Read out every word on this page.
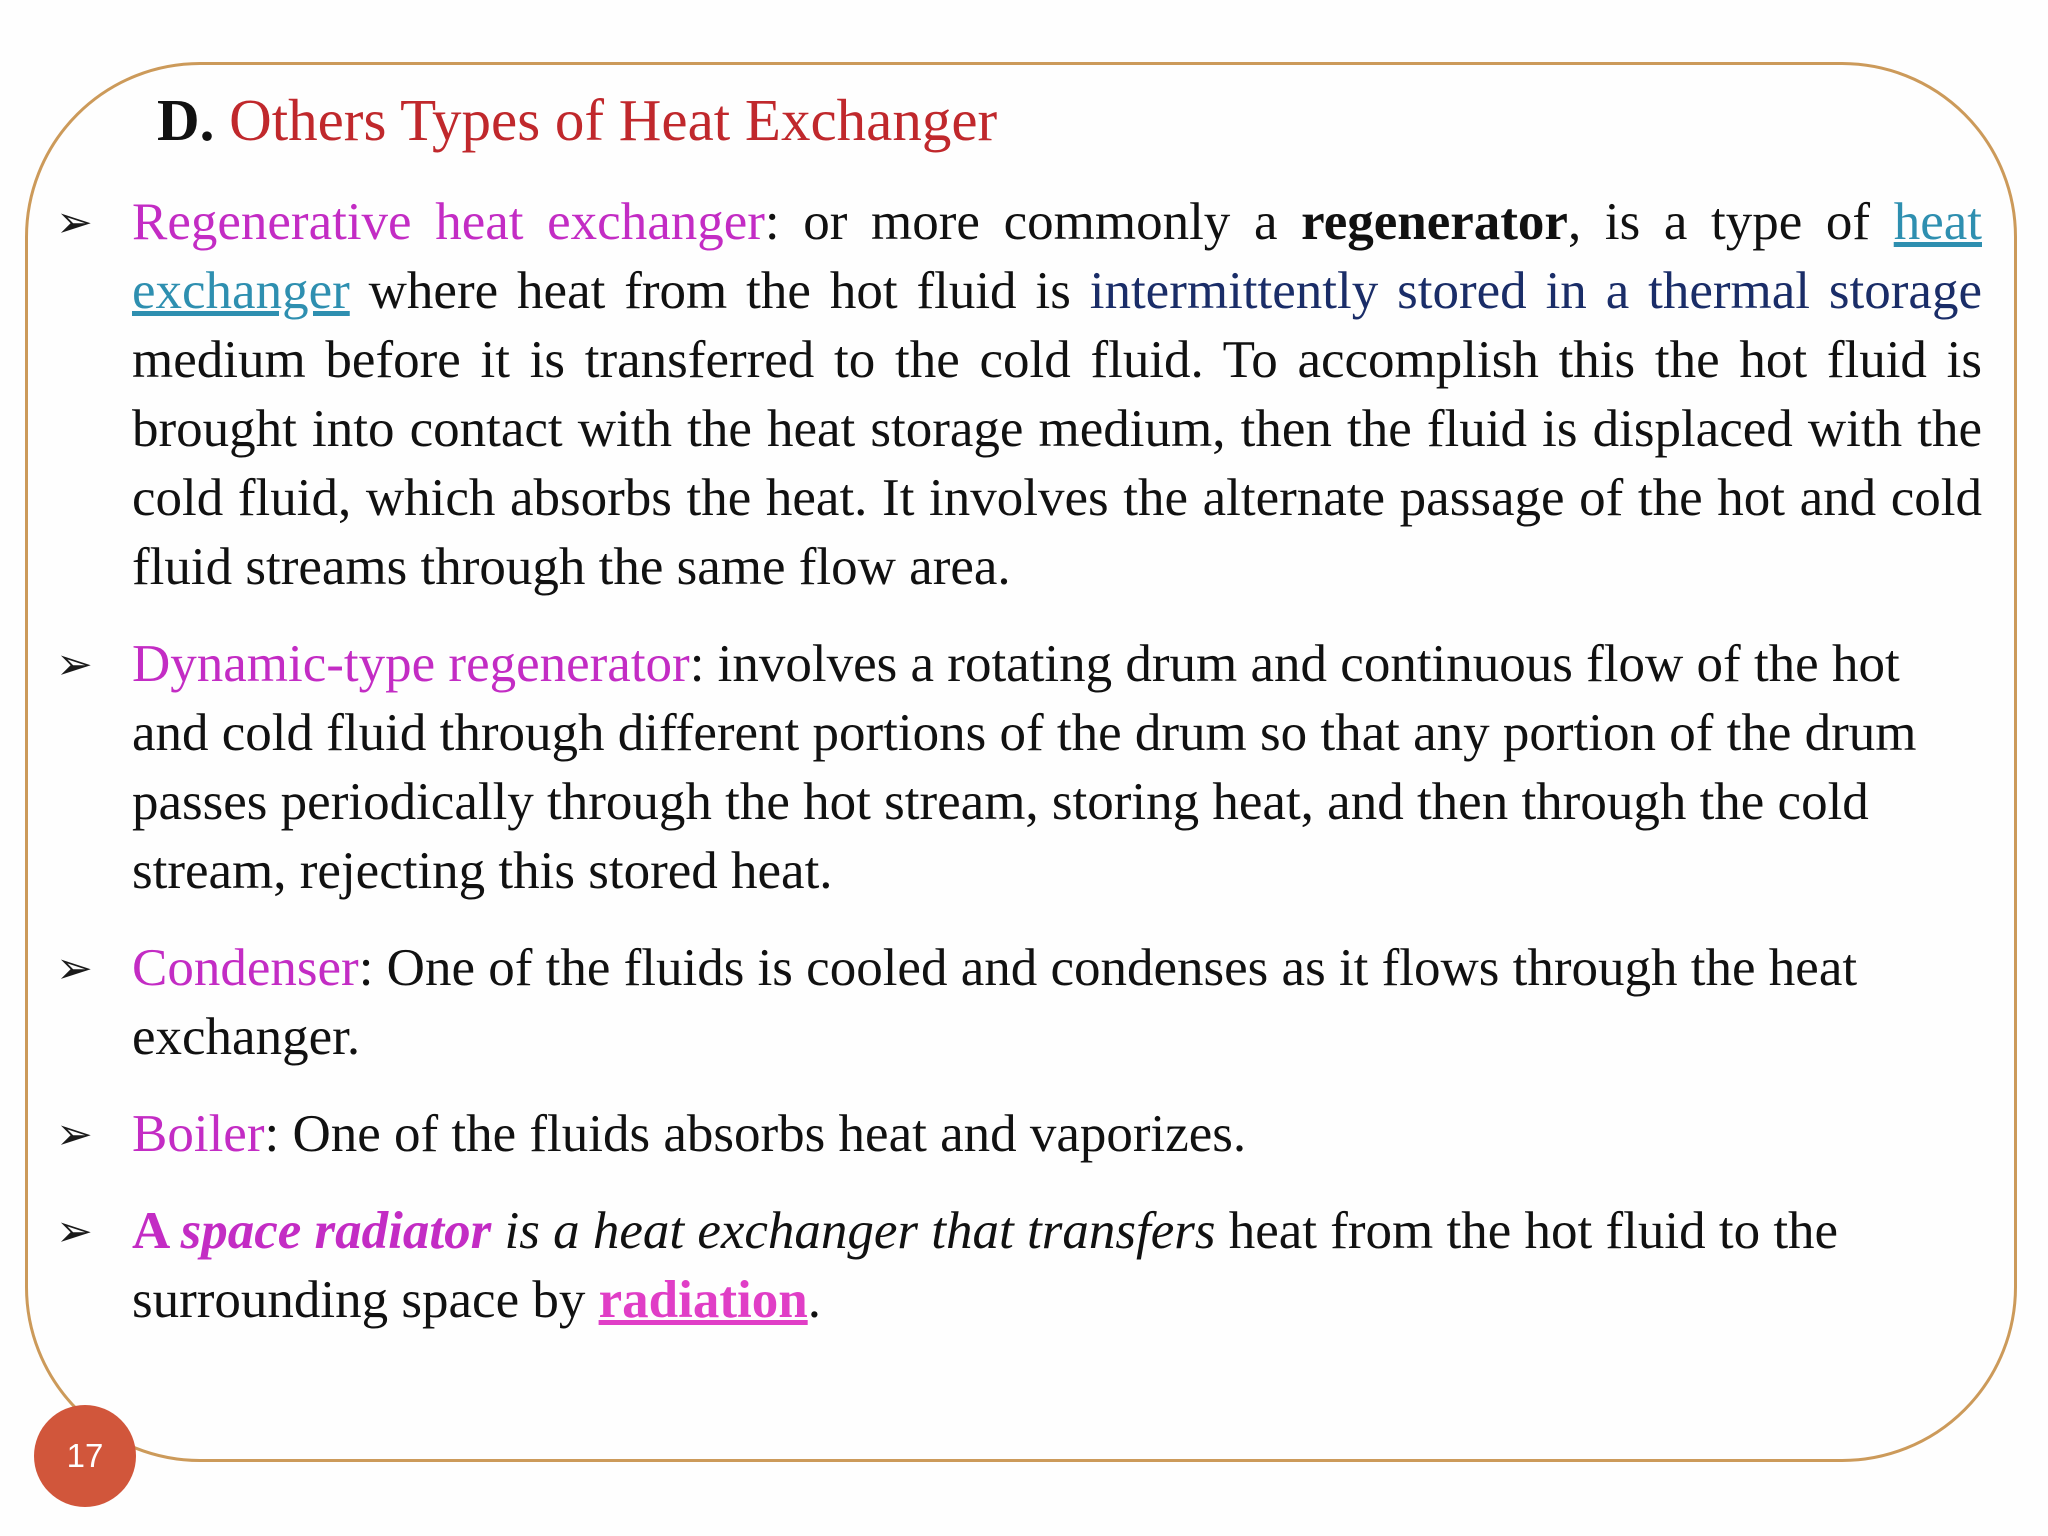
D. Others Types of Heat Exchanger
➢ Regenerative heat exchanger: or more commonly a regenerator, is a type of heat exchanger where heat from the hot fluid is intermittently stored in a thermal storage medium before it is transferred to the cold fluid. To accomplish this the hot fluid is brought into contact with the heat storage medium, then the fluid is displaced with the cold fluid, which absorbs the heat. It involves the alternate passage of the hot and cold fluid streams through the same flow area.
➢ Dynamic-type regenerator: involves a rotating drum and continuous flow of the hot and cold fluid through different portions of the drum so that any portion of the drum passes periodically through the hot stream, storing heat, and then through the cold stream, rejecting this stored heat.
➢ Condenser: One of the fluids is cooled and condenses as it flows through the heat exchanger.
➢ Boiler: One of the fluids absorbs heat and vaporizes.
➢ A space radiator is a heat exchanger that transfers heat from the hot fluid to the surrounding space by radiation.
17
